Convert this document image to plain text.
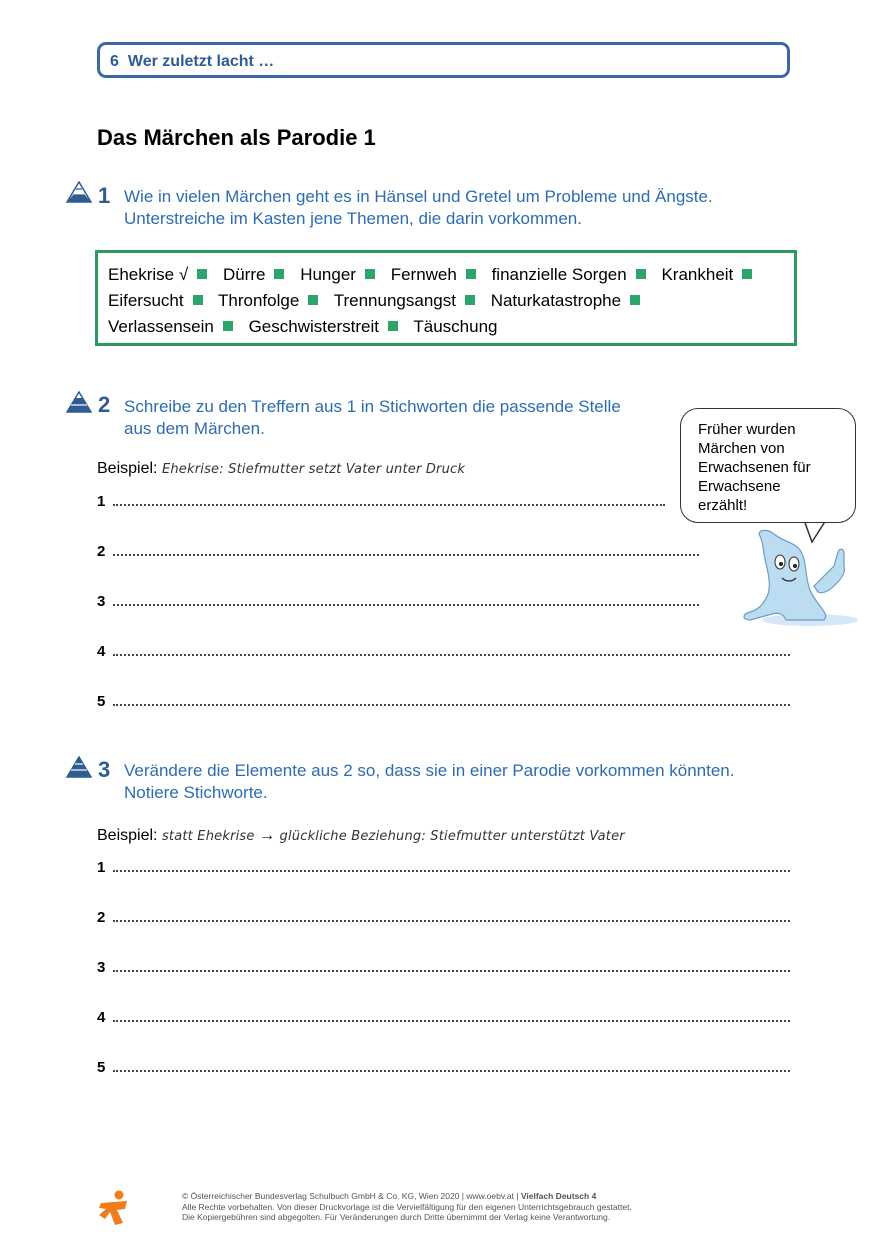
6 Wer zuletzt lacht …
Das Märchen als Parodie 1
1 Wie in vielen Märchen geht es in Hänsel und Gretel um Probleme und Ängste.
Unterstreiche im Kasten jene Themen, die darin vorkommen.
Ehekrise √ Dürre Hunger Fernweh finanzielle Sorgen Krankheit
Eifersucht Thronfolge Trennungsangst Naturkatastrophe
Verlassensein Geschwisterstreit Täuschung
2 Schreibe zu den Treffern aus 1 in Stichworten die passende Stelle
aus dem Märchen.
Beispiel: Ehekrise: Stiefmutter setzt Vater unter Druck
1
2
3
4
5
Früher wurden
Märchen von
Erwachsenen für
Erwachsene
erzählt!
3 Verändere die Elemente aus 2 so, dass sie in einer Parodie vorkommen könnten.
Notiere Stichworte.
Beispiel: statt Ehekrise → glückliche Beziehung: Stiefmutter unterstützt Vater
1
2
3
4
5
© Österreichischer Bundesverlag Schulbuch GmbH & Co. KG, Wien 2020 | www.oebv.at | Vielfach Deutsch 4
Alle Rechte vorbehalten. Von dieser Druckvorlage ist die Vervielfältigung für den eigenen Unterrichtsgebrauch gestattet.
Die Kopiergebühren sind abgegolten. Für Veränderungen durch Dritte übernimmt der Verlag keine Verantwortung.
